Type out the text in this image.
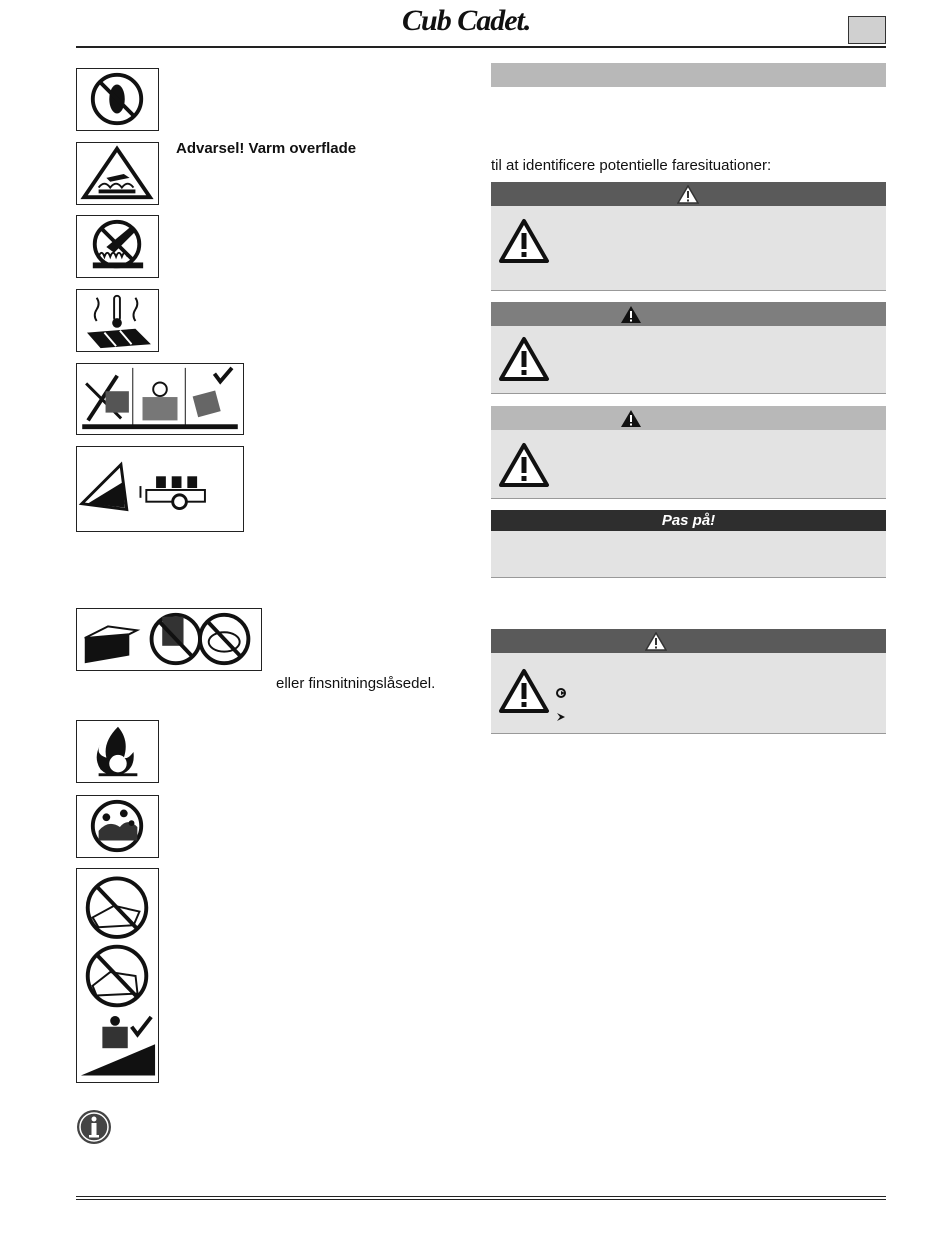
Cub Cadet.
Advarsel! Varm overflade
eller finsnitningslåsedel.
til at identificere potentielle faresituationer:
Pas på!
